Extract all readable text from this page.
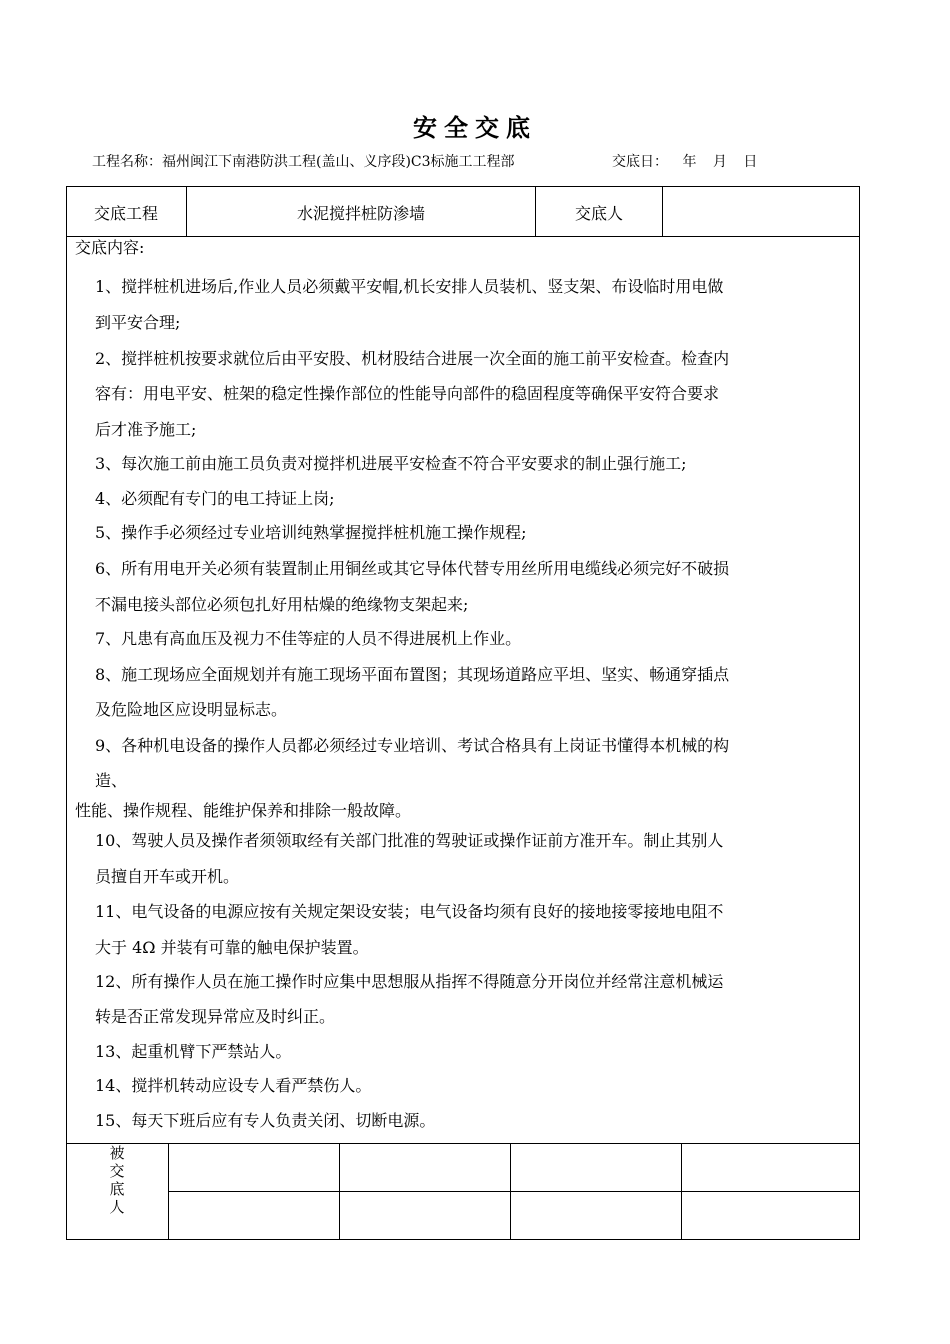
安全交底
工程名称：福州闽江下南港防洪工程(盖山、义序段)C3标施工工程部	交底日： 年 月 日
交底工程	水泥搅拌桩防渗墙	交底人
交底内容:
1、搅拌桩机进场后,作业人员必须戴平安帽,机长安排人员装机、竖支架、布设临时用电做
到平安合理;
2、搅拌桩机按要求就位后由平安股、机材股结合进展一次全面的施工前平安检查。检查内
容有：用电平安、桩架的稳定性操作部位的性能导向部件的稳固程度等确保平安符合要求
后才准予施工;
3、每次施工前由施工员负责对搅拌机进展平安检查不符合平安要求的制止强行施工;
4、必须配有专门的电工持证上岗;
5、操作手必须经过专业培训纯熟掌握搅拌桩机施工操作规程;
6、所有用电开关必须有装置制止用铜丝或其它导体代替专用丝所用电缆线必须完好不破损
不漏电接头部位必须包扎好用枯燥的绝缘物支架起来;
7、凡患有高血压及视力不佳等症的人员不得进展机上作业。
8、施工现场应全面规划并有施工现场平面布置图；其现场道路应平坦、坚实、畅通穿插点
及危险地区应设明显标志。
9、各种机电设备的操作人员都必须经过专业培训、考试合格具有上岗证书懂得本机械的构
造、
性能、操作规程、能维护保养和排除一般故障。
10、驾驶人员及操作者须领取经有关部门批准的驾驶证或操作证前方准开车。制止其别人
员擅自开车或开机。
11、电气设备的电源应按有关规定架设安装；电气设备均须有良好的接地接零接地电阻不
大于 4Ω 并装有可靠的触电保护装置。
12、所有操作人员在施工操作时应集中思想服从指挥不得随意分开岗位并经常注意机械运
转是否正常发现异常应及时纠正。
13、起重机臂下严禁站人。
14、搅拌机转动应设专人看严禁伤人。
15、每天下班后应有专人负责关闭、切断电源。
被交底人
